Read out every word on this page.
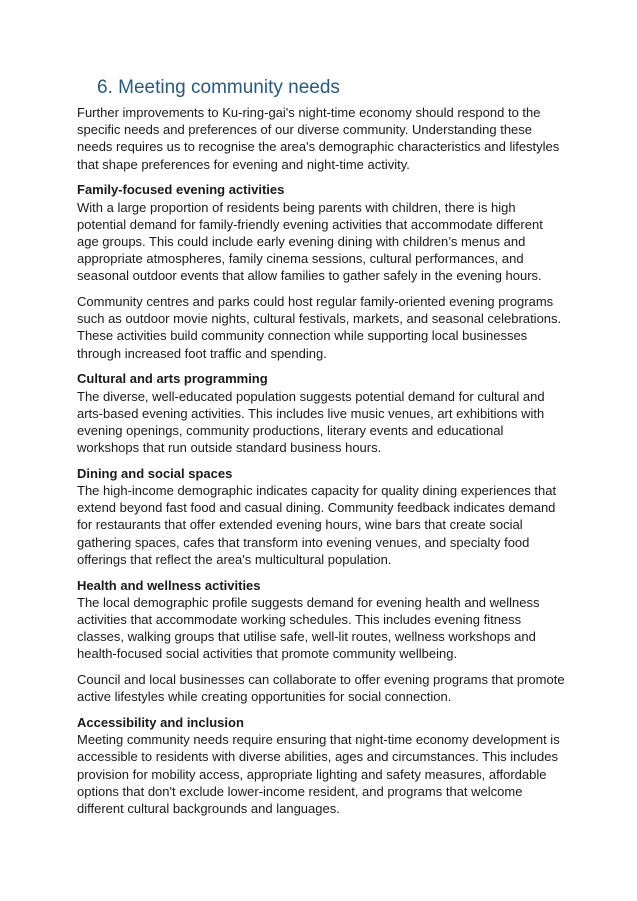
6. Meeting community needs

Further improvements to Ku-ring-gai's night-time economy should respond to the specific needs and preferences of our diverse community. Understanding these needs requires us to recognise the area's demographic characteristics and lifestyles that shape preferences for evening and night-time activity.

Family-focused evening activities

With a large proportion of residents being parents with children, there is high potential demand for family-friendly evening activities that accommodate different age groups. This could include early evening dining with children’s menus and appropriate atmospheres, family cinema sessions, cultural performances, and seasonal outdoor events that allow families to gather safely in the evening hours.

Community centres and parks could host regular family-oriented evening programs such as outdoor movie nights, cultural festivals, markets, and seasonal celebrations. These activities build community connection while supporting local businesses through increased foot traffic and spending.

Cultural and arts programming

The diverse, well-educated population suggests potential demand for cultural and arts-based evening activities. This includes live music venues, art exhibitions with evening openings, community productions, literary events and educational workshops that run outside standard business hours.

Dining and social spaces

The high-income demographic indicates capacity for quality dining experiences that extend beyond fast food and casual dining. Community feedback indicates demand for restaurants that offer extended evening hours, wine bars that create social gathering spaces, cafes that transform into evening venues, and specialty food offerings that reflect the area's multicultural population.

Health and wellness activities

The local demographic profile suggests demand for evening health and wellness activities that accommodate working schedules. This includes evening fitness classes, walking groups that utilise safe, well-lit routes, wellness workshops and health-focused social activities that promote community wellbeing.

Council and local businesses can collaborate to offer evening programs that promote active lifestyles while creating opportunities for social connection.

Accessibility and inclusion

Meeting community needs require ensuring that night-time economy development is accessible to residents with diverse abilities, ages and circumstances. This includes provision for mobility access, appropriate lighting and safety measures, affordable options that don't exclude lower-income resident, and programs that welcome different cultural backgrounds and languages.
